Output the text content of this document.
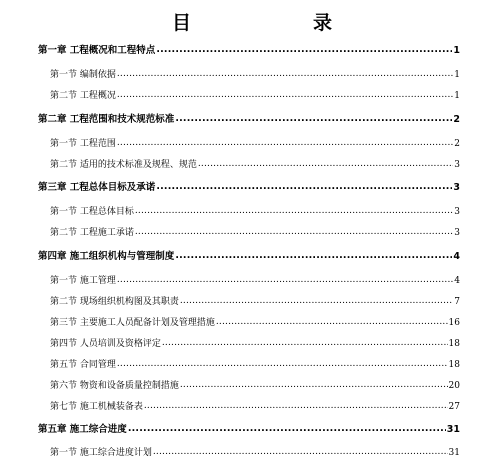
目	录
第一章 工程概况和工程特点 .....	1
第一节 编制依据 .....	1
第二节 工程概况 .....	1
第二章 工程范围和技术规范标准 .....	2
第一节 工程范围 .....	2
第二节 适用的技术标准及规程、规范 .....	3
第三章 工程总体目标及承诺 .....	3
第一节 工程总体目标 .....	3
第二节 工程施工承诺 .....	3
第四章 施工组织机构与管理制度 .....	4
第一节 施工管理 .....	4
第二节 现场组织机构图及其职责 .....	7
第三节 主要施工人员配备计划及管理措施 .....	16
第四节 人员培训及资格评定 .....	18
第五节 合同管理 .....	18
第六节 物资和设备质量控制措施 .....	20
第七节 施工机械装备表 .....	27
第五章 施工综合进度 .....	31
第一节 施工综合进度计划 .....	31
